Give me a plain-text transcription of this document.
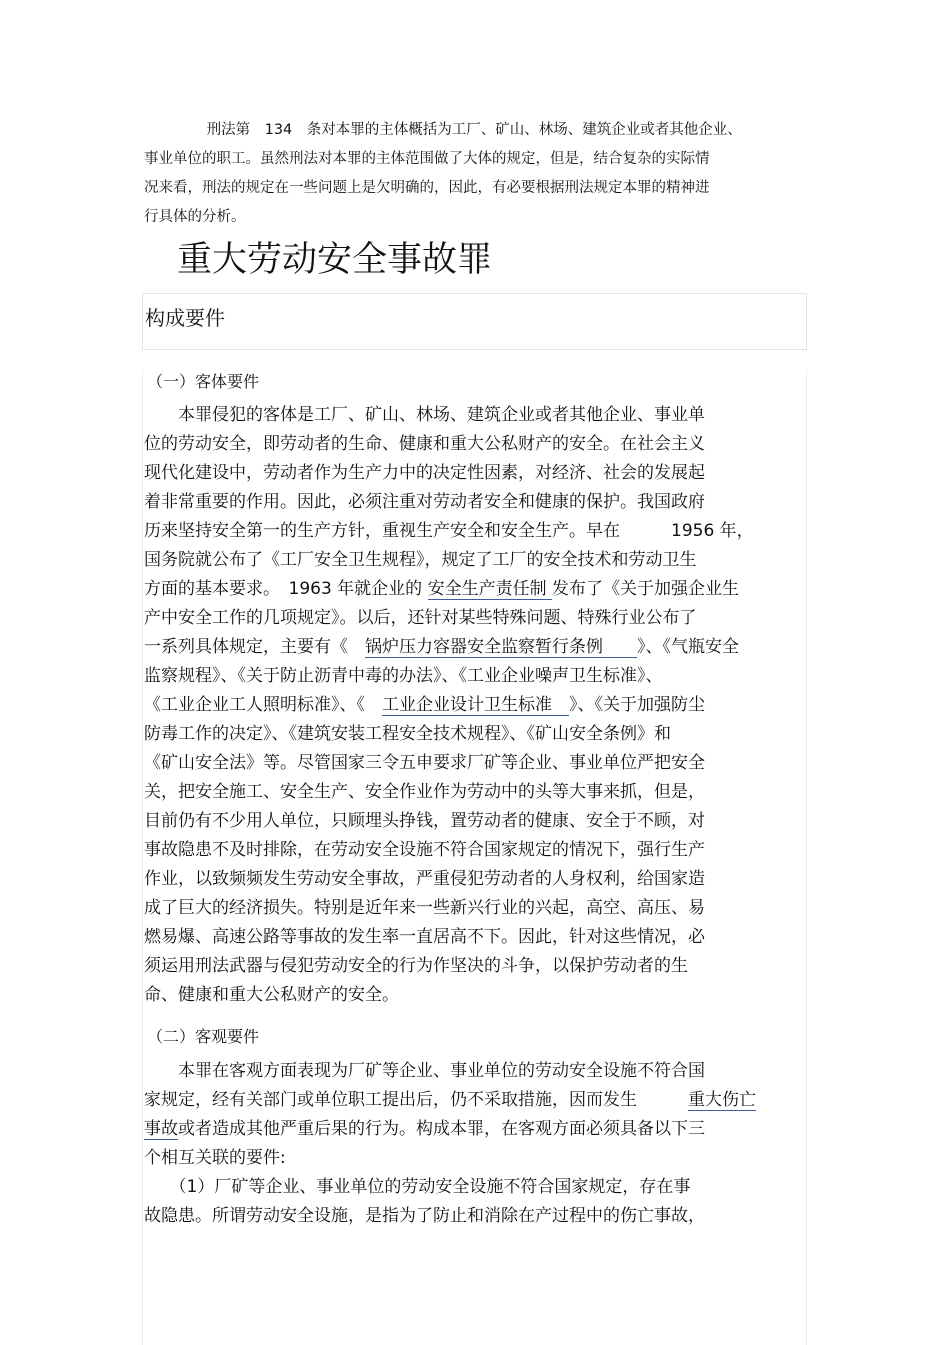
　　　　 刑法第　134　条对本罪的主体概括为工厂、矿山、林场、建筑企业或者其他企业、
事业单位的职工。虽然刑法对本罪的主体范围做了大体的规定，但是，结合复杂的实际情
况来看，刑法的规定在一些问题上是欠明确的，因此，有必要根据刑法规定本罪的精神进
行具体的分析。
重大劳动安全事故罪
构成要件
（一）客体要件
　　本罪侵犯的客体是工厂、矿山、林场、建筑企业或者其他企业、事业单
位的劳动安全，即劳动者的生命、健康和重大公私财产的安全。在社会主义
现代化建设中，劳动者作为生产力中的决定性因素，对经济、社会的发展起
着非常重要的作用。因此，必须注重对劳动者安全和健康的保护。我国政府
历来坚持安全第一的生产方针，重视生产安全和安全生产。早在　　　1956 年，
国务院就公布了《工厂安全卫生规程》，规定了工厂的安全技术和劳动卫生
方面的基本要求。　1963 年就企业的 安全生产责任制 发布了《关于加强企业生
产中安全工作的几项规定》。以后，还针对某些特殊问题、特殊行业公布了
一系列具体规定，主要有《　锅炉压力容器安全监察暂行条例　　》、《气瓶安全
监察规程》、《关于防止沥青中毒的办法》、《工业企业噪声卫生标准》、
《工业企业工人照明标准》、《　工业企业设计卫生标准　》、《关于加强防尘
防毒工作的决定》、《建筑安装工程安全技术规程》、《矿山安全条例》和
《矿山安全法》等。尽管国家三令五申要求厂矿等企业、事业单位严把安全
关，把安全施工、安全生产、安全作业作为劳动中的头等大事来抓，但是，
目前仍有不少用人单位，只顾埋头挣钱，置劳动者的健康、安全于不顾，对
事故隐患不及时排除，在劳动安全设施不符合国家规定的情况下，强行生产
作业，以致频频发生劳动安全事故，严重侵犯劳动者的人身权利，给国家造
成了巨大的经济损失。特别是近年来一些新兴行业的兴起，高空、高压、易
燃易爆、高速公路等事故的发生率一直居高不下。因此，针对这些情况，必
须运用刑法武器与侵犯劳动安全的行为作坚决的斗争，以保护劳动者的生
命、健康和重大公私财产的安全。
（二）客观要件
　　本罪在客观方面表现为厂矿等企业、事业单位的劳动安全设施不符合国
家规定，经有关部门或单位职工提出后，仍不采取措施，因而发生　　　重大伤亡
事故或者造成其他严重后果的行为。构成本罪，在客观方面必须具备以下三
个相互关联的要件:
　　（1）厂矿等企业、事业单位的劳动安全设施不符合国家规定，存在事
故隐患。所谓劳动安全设施，是指为了防止和消除在产过程中的伤亡事故，
